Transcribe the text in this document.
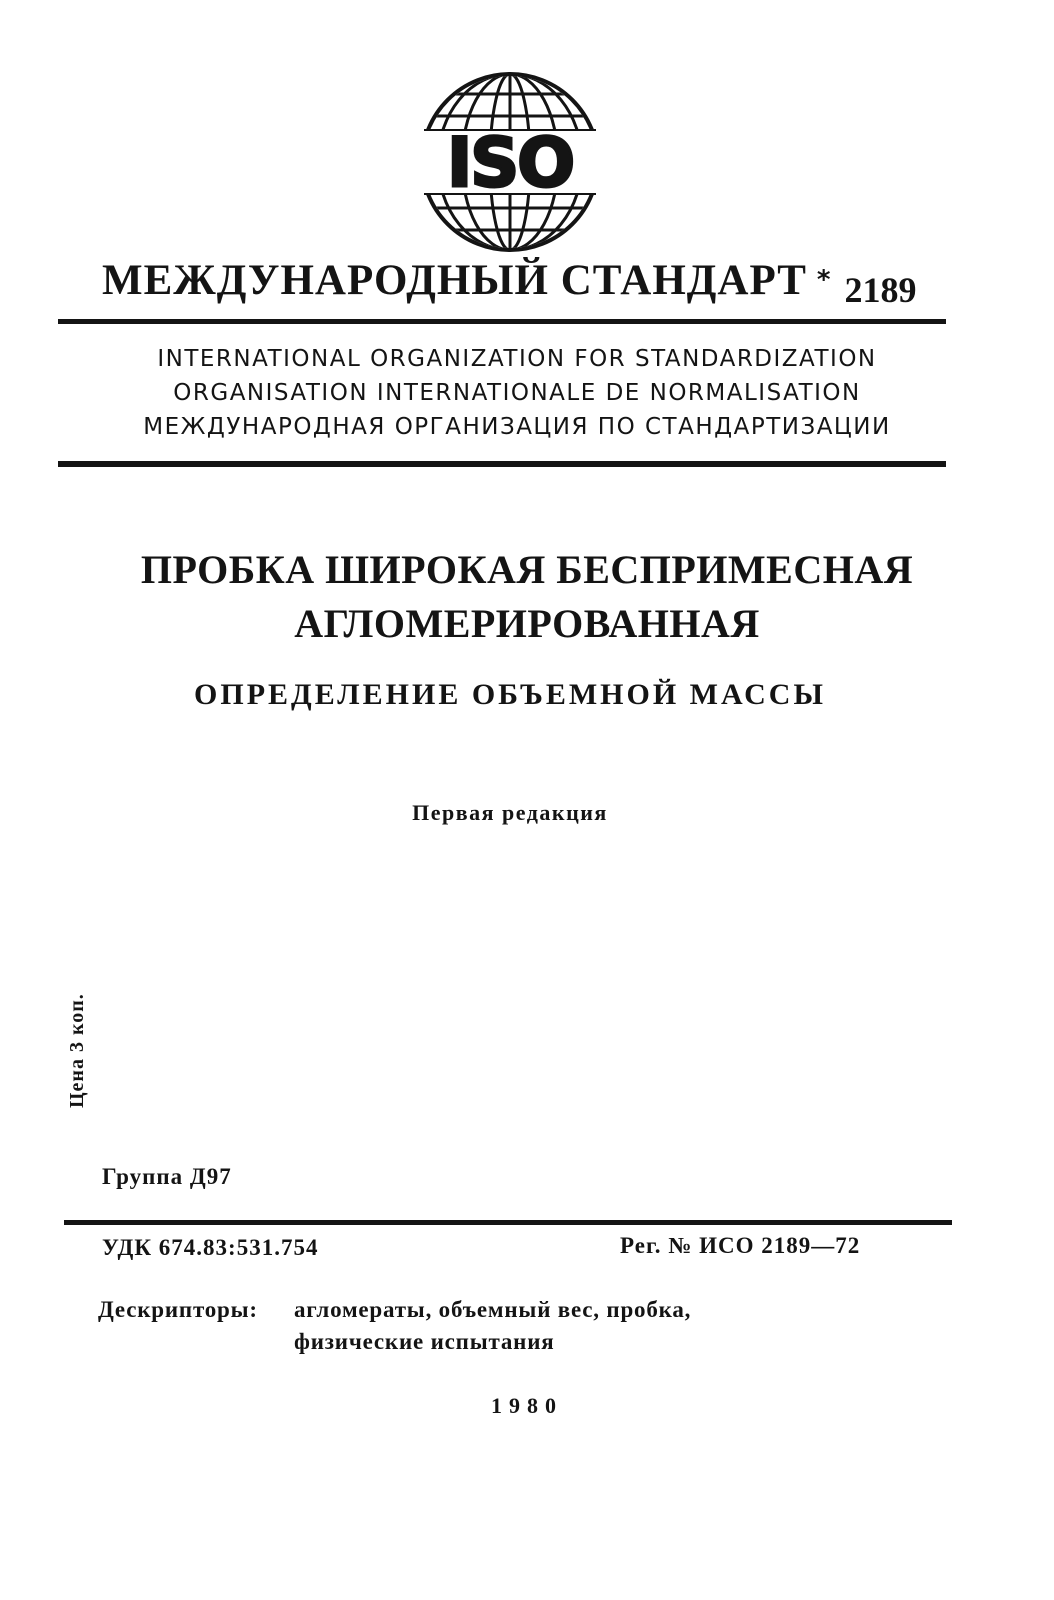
ISO
МЕЖДУНАРОДНЫЙ СТАНДАРТ * 2189
INTERNATIONAL ORGANIZATION FOR STANDARDIZATION
ORGANISATION INTERNATIONALE DE NORMALISATION
МЕЖДУНАРОДНАЯ ОРГАНИЗАЦИЯ ПО СТАНДАРТИЗАЦИИ
ПРОБКА ШИРОКАЯ БЕСПРИМЕСНАЯ
АГЛОМЕРИРОВАННАЯ
ОПРЕДЕЛЕНИЕ ОБЪЕМНОЙ МАССЫ
Первая редакция
Цена 3 коп.
Группа Д97
УДК 674.83:531.754	Рег. № ИСО 2189—72
Дескрипторы: агломераты, объемный вес, пробка,
физические испытания
1980
